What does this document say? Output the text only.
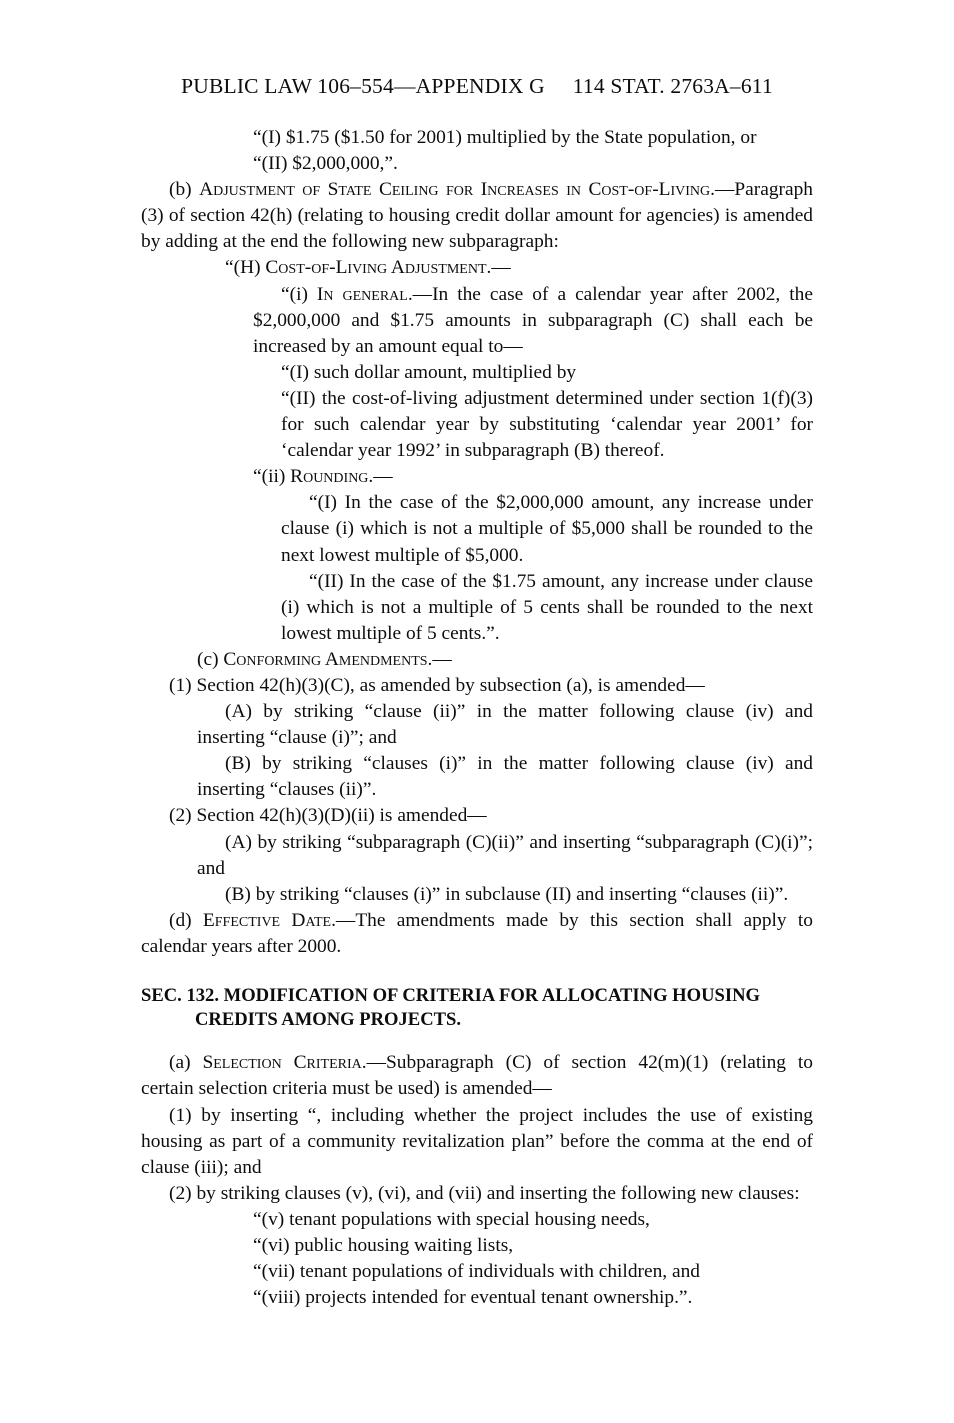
PUBLIC LAW 106–554—APPENDIX G     114 STAT. 2763A–611

“(I) $1.75 ($1.50 for 2001) multiplied by the State population, or

“(II) $2,000,000,”.

(b) Adjustment of State Ceiling for Increases in Cost-of-Living.—Paragraph (3) of section 42(h) (relating to housing credit dollar amount for agencies) is amended by adding at the end the following new subparagraph:

“(H) Cost-of-Living Adjustment.—

“(i) In general.—In the case of a calendar year after 2002, the $2,000,000 and $1.75 amounts in subparagraph (C) shall each be increased by an amount equal to—

“(I) such dollar amount, multiplied by

“(II) the cost-of-living adjustment determined under section 1(f)(3) for such calendar year by substituting ‘calendar year 2001’ for ‘calendar year 1992’ in subparagraph (B) thereof.

“(ii) Rounding.—

“(I) In the case of the $2,000,000 amount, any increase under clause (i) which is not a multiple of $5,000 shall be rounded to the next lowest multiple of $5,000.

“(II) In the case of the $1.75 amount, any increase under clause (i) which is not a multiple of 5 cents shall be rounded to the next lowest multiple of 5 cents.”.

(c) Conforming Amendments.—

(1) Section 42(h)(3)(C), as amended by subsection (a), is amended—

(A) by striking “clause (ii)” in the matter following clause (iv) and inserting “clause (i)”; and

(B) by striking “clauses (i)” in the matter following clause (iv) and inserting “clauses (ii)”.

(2) Section 42(h)(3)(D)(ii) is amended—

(A) by striking “subparagraph (C)(ii)” and inserting “subparagraph (C)(i)”; and

(B) by striking “clauses (i)” in subclause (II) and inserting “clauses (ii)”.

(d) Effective Date.—The amendments made by this section shall apply to calendar years after 2000.

SEC. 132. MODIFICATION OF CRITERIA FOR ALLOCATING HOUSING
CREDITS AMONG PROJECTS.

(a) Selection Criteria.—Subparagraph (C) of section 42(m)(1) (relating to certain selection criteria must be used) is amended—

(1) by inserting “, including whether the project includes the use of existing housing as part of a community revitalization plan” before the comma at the end of clause (iii); and

(2) by striking clauses (v), (vi), and (vii) and inserting the following new clauses:

“(v) tenant populations with special housing needs,

“(vi) public housing waiting lists,

“(vii) tenant populations of individuals with children, and

“(viii) projects intended for eventual tenant ownership.”.
